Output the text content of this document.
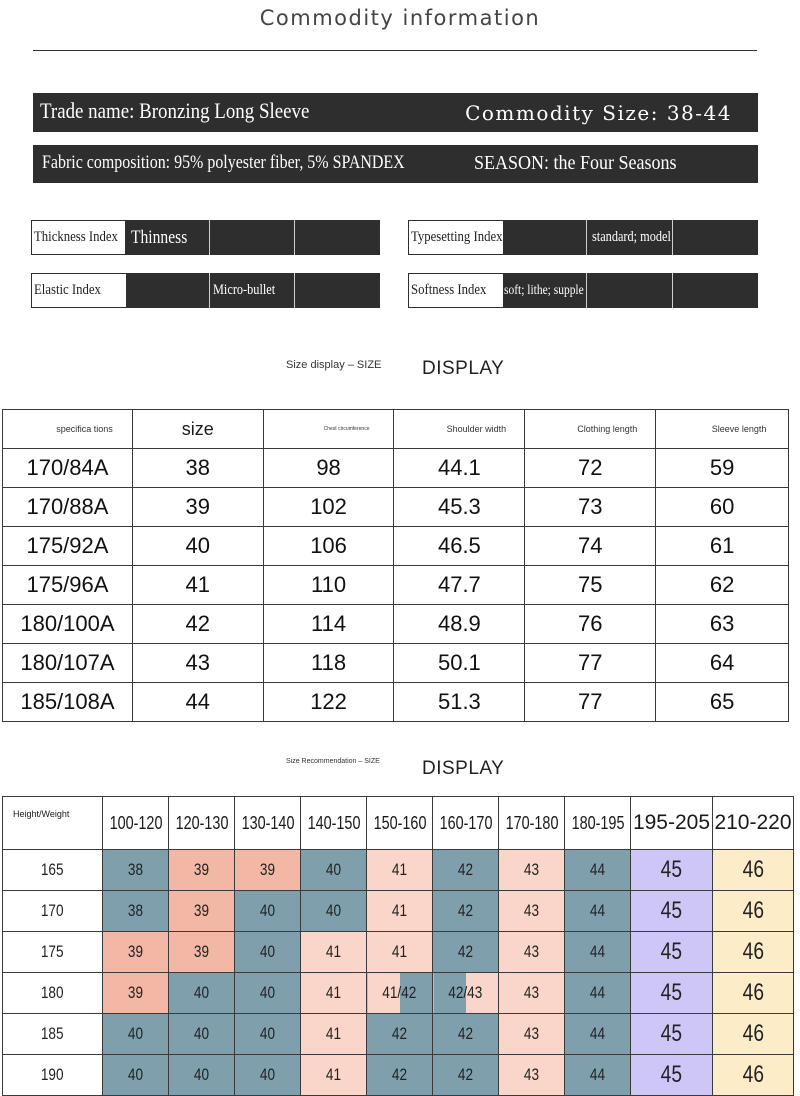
Commodity information
Trade name: Bronzing Long Sleeve	Commodity Size: 38-44
Fabric composition: 95% polyester fiber, 5% SPANDEX	SEASON: the Four Seasons
Thickness Index Thinness	Typesetting Index	standard; model
Elastic Index	Micro-bullet	Softness Index	soft; lithe; supple
Size display – SIZE DISPLAY
specifica tions	size	Chest circumference	Shoulder width	Clothing length	Sleeve length
170/84A	38	98	44.1	72	59
170/88A	39	102	45.3	73	60
175/92A	40	106	46.5	74	61
175/96A	41	110	47.7	75	62
180/100A	42	114	48.9	76	63
180/107A	43	118	50.1	77	64
185/108A	44	122	51.3	77	65
Size Recommendation – SIZE DISPLAY
Height/Weight	100-120	120-130	130-140	140-150	150-160	160-170	170-180	180-195	195-205	210-220
165	38	39	39	40	41	42	43	44	45	46
170	38	39	40	40	41	42	43	44	45	46
175	39	39	40	41	41	42	43	44	45	46
180	39	40	40	41	41/42	42/43	43	44	45	46
185	40	40	40	41	42	42	43	44	45	46
190	40	40	40	41	42	42	43	44	45	46
